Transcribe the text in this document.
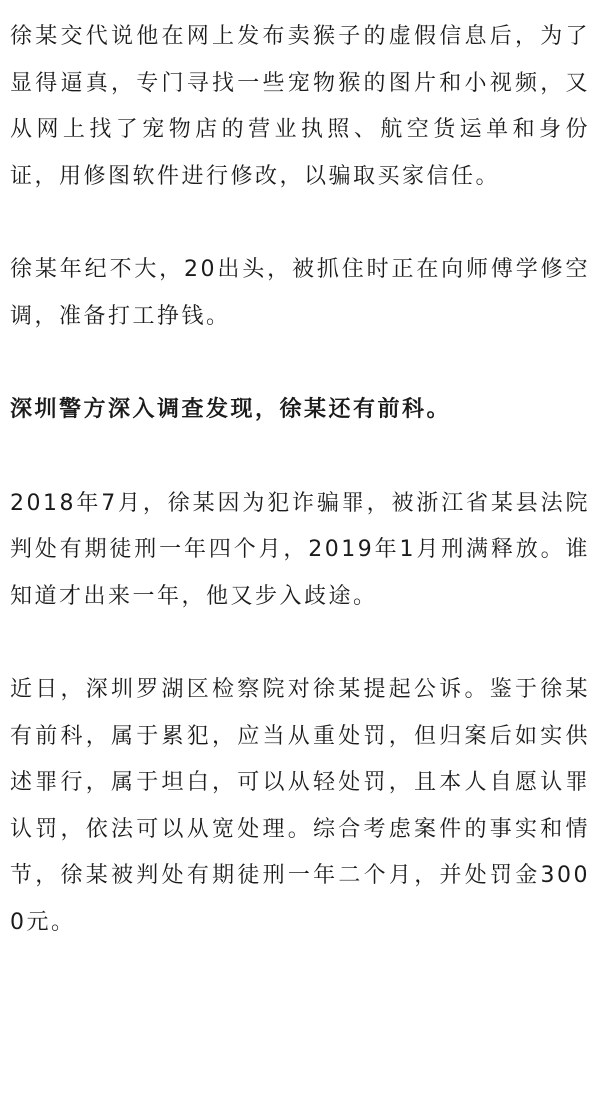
徐某交代说他在网上发布卖猴子的虚假信息后，为了显得逼真，专门寻找一些宠物猴的图片和小视频，又从网上找了宠物店的营业执照、航空货运单和身份证，用修图软件进行修改，以骗取买家信任。

徐某年纪不大，20出头，被抓住时正在向师傅学修空调，准备打工挣钱。

深圳警方深入调查发现，徐某还有前科。

2018年7月，徐某因为犯诈骗罪，被浙江省某县法院判处有期徒刑一年四个月，2019年1月刑满释放。谁知道才出来一年，他又步入歧途。

近日，深圳罗湖区检察院对徐某提起公诉。鉴于徐某有前科，属于累犯，应当从重处罚，但归案后如实供述罪行，属于坦白，可以从轻处罚，且本人自愿认罪认罚，依法可以从宽处理。综合考虑案件的事实和情节，徐某被判处有期徒刑一年二个月，并处罚金3000元。
